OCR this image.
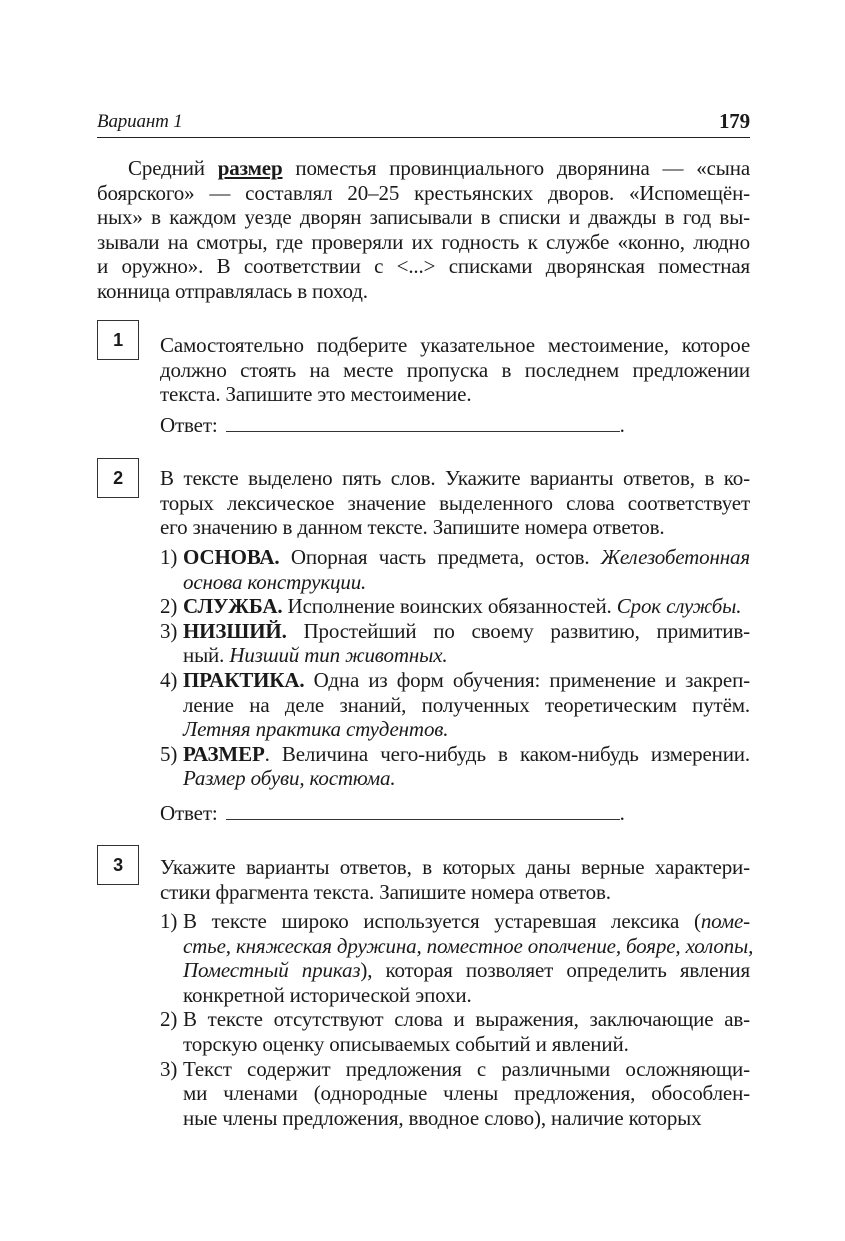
Вариант 1	179
Средний размер поместья провинциального дворянина — «сына
боярского» — составлял 20–25 крестьянских дворов. «Испомещён-
ных» в каждом уезде дворян записывали в списки и дважды в год вы-
зывали на смотры, где проверяли их годность к службе «конно, людно
и оружно». В соответствии с <...> списками дворянская поместная
конница отправлялась в поход.
1	Самостоятельно подберите указательное местоимение, которое
должно стоять на месте пропуска в последнем предложении
текста. Запишите это местоимение.
Ответ:	.
2	В тексте выделено пять слов. Укажите варианты ответов, в ко-
торых лексическое значение выделенного слова соответствует
его значению в данном тексте. Запишите номера ответов.
1) ОСНОВА. Опорная часть предмета, остов. Железобетонная
основа конструкции.
2) СЛУЖБА. Исполнение воинских обязанностей. Срок службы.
3) НИЗШИЙ. Простейший по своему развитию, примитив-
ный. Низший тип животных.
4) ПРАКТИКА. Одна из форм обучения: применение и закреп-
ление на деле знаний, полученных теоретическим путём.
Летняя практика студентов.
5) РАЗМЕР. Величина чего-нибудь в каком-нибудь измерении.
Размер обуви, костюма.
Ответ:	.
3	Укажите варианты ответов, в которых даны верные характери-
стики фрагмента текста. Запишите номера ответов.
1) В тексте широко используется устаревшая лексика (поме-
стье, княжеская дружина, поместное ополчение, бояре, холопы,
Поместный приказ), которая позволяет определить явления
конкретной исторической эпохи.
2) В тексте отсутствуют слова и выражения, заключающие ав-
торскую оценку описываемых событий и явлений.
3) Текст содержит предложения с различными осложняющи-
ми членами (однородные члены предложения, обособлен-
ные члены предложения, вводное слово), наличие которых
